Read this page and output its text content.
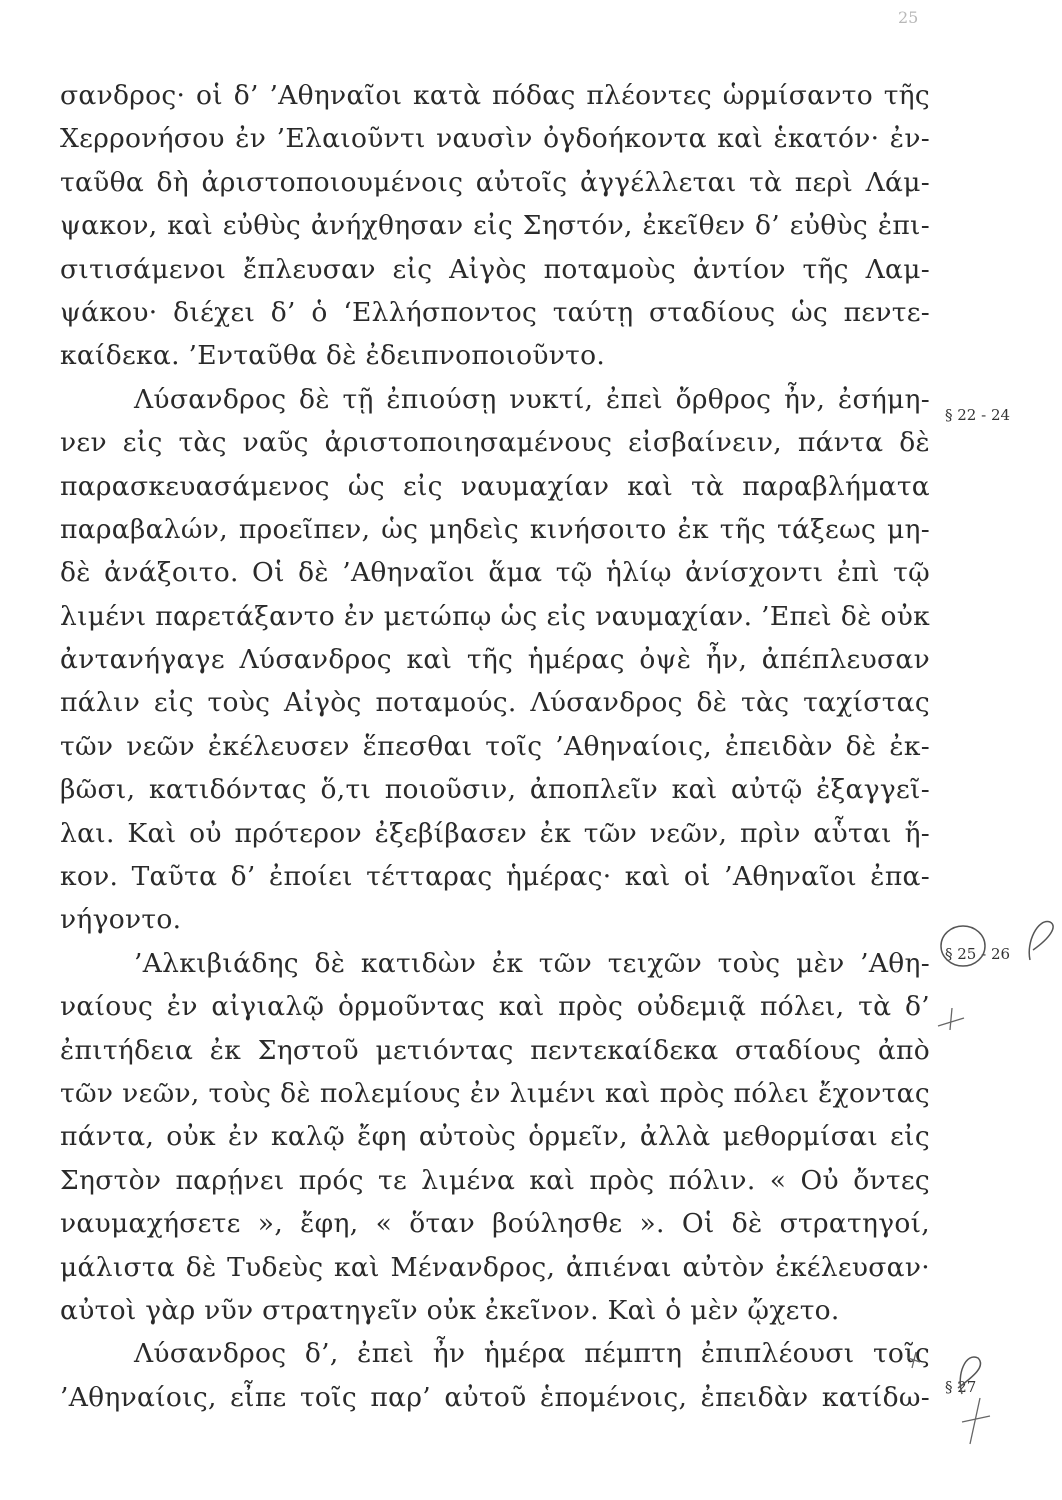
25
σανδρος· οἱ δ’ ’Αθηναῖοι κατὰ πόδας πλέοντες ὡρμίσαντο τῆς
Χερρονήσου ἐν ’Ελαιοῦντι ναυσὶν ὀγδοήκοντα καὶ ἑκατόν· ἐν-
ταῦθα δὴ ἀριστοποιουμένοις αὐτοῖς ἀγγέλλεται τὰ περὶ Λάμ-
ψακον, καὶ εὐθὺς ἀνήχθησαν εἰς Σηστόν, ἐκεῖθεν δ’ εὐθὺς ἐπι-
σιτισάμενοι ἔπλευσαν εἰς Αἰγὸς ποταμοὺς ἀντίον τῆς Λαμ-
ψάκου· διέχει δ’ ὁ ‘Ελλήσποντος ταύτῃ σταδίους ὡς πεντε-
καίδεκα. ’Ενταῦθα δὲ ἐδειπνοποιοῦντο.
Λύσανδρος δὲ τῇ ἐπιούσῃ νυκτί, ἐπεὶ ὄρθρος ἦν, ἐσήμη-
νεν εἰς τὰς ναῦς ἀριστοποιησαμένους εἰσβαίνειν, πάντα δὲ
παρασκευασάμενος ὡς εἰς ναυμαχίαν καὶ τὰ παραβλήματα
παραβαλών, προεῖπεν, ὡς μηδεὶς κινήσοιτο ἐκ τῆς τάξεως μη-
δὲ ἀνάξοιτο. Οἱ δὲ ’Αθηναῖοι ἅμα τῷ ἡλίῳ ἀνίσχοντι ἐπὶ τῷ
λιμένι παρετάξαντο ἐν μετώπῳ ὡς εἰς ναυμαχίαν. ’Επεὶ δὲ οὐκ
ἀντανήγαγε Λύσανδρος καὶ τῆς ἡμέρας ὀψὲ ἦν, ἀπέπλευσαν
πάλιν εἰς τοὺς Αἰγὸς ποταμούς. Λύσανδρος δὲ τὰς ταχίστας
τῶν νεῶν ἐκέλευσεν ἕπεσθαι τοῖς ’Αθηναίοις, ἐπειδὰν δὲ ἐκ-
βῶσι, κατιδόντας ὅ,τι ποιοῦσιν, ἀποπλεῖν καὶ αὐτῷ ἐξαγγεῖ-
λαι. Καὶ οὐ πρότερον ἐξεβίβασεν ἐκ τῶν νεῶν, πρὶν αὗται ἥ-
κον. Ταῦτα δ’ ἐποίει τέτταρας ἡμέρας· καὶ οἱ ’Αθηναῖοι ἐπα-
νήγοντο.
’Αλκιβιάδης δὲ κατιδὼν ἐκ τῶν τειχῶν τοὺς μὲν ’Αθη-
ναίους ἐν αἰγιαλῷ ὁρμοῦντας καὶ πρὸς οὐδεμιᾷ πόλει, τὰ δ’
ἐπιτήδεια ἐκ Σηστοῦ μετιόντας πεντεκαίδεκα σταδίους ἀπὸ
τῶν νεῶν, τοὺς δὲ πολεμίους ἐν λιμένι καὶ πρὸς πόλει ἔχοντας
πάντα, οὐκ ἐν καλῷ ἔφη αὐτοὺς ὁρμεῖν, ἀλλὰ μεθορμίσαι εἰς
Σηστὸν παρῄνει πρός τε λιμένα καὶ πρὸς πόλιν. « Οὐ ὄντες
ναυμαχήσετε », ἔφη, « ὅταν βούλησθε ». Οἱ δὲ στρατηγοί,
μάλιστα δὲ Τυδεὺς καὶ Μένανδρος, ἀπιέναι αὐτὸν ἐκέλευσαν·
αὐτοὶ γὰρ νῦν στρατηγεῖν οὐκ ἐκεῖνον. Καὶ ὁ μὲν ᾤχετο.
Λύσανδρος δ’, ἐπεὶ ἦν ἡμέρα πέμπτη ἐπιπλέουσι τοῖς
’Αθηναίοις, εἶπε τοῖς παρ’ αὐτοῦ ἑπομένοις, ἐπειδὰν κατίδω-
§ 22 - 24
§ 25 - 26
§ 27
